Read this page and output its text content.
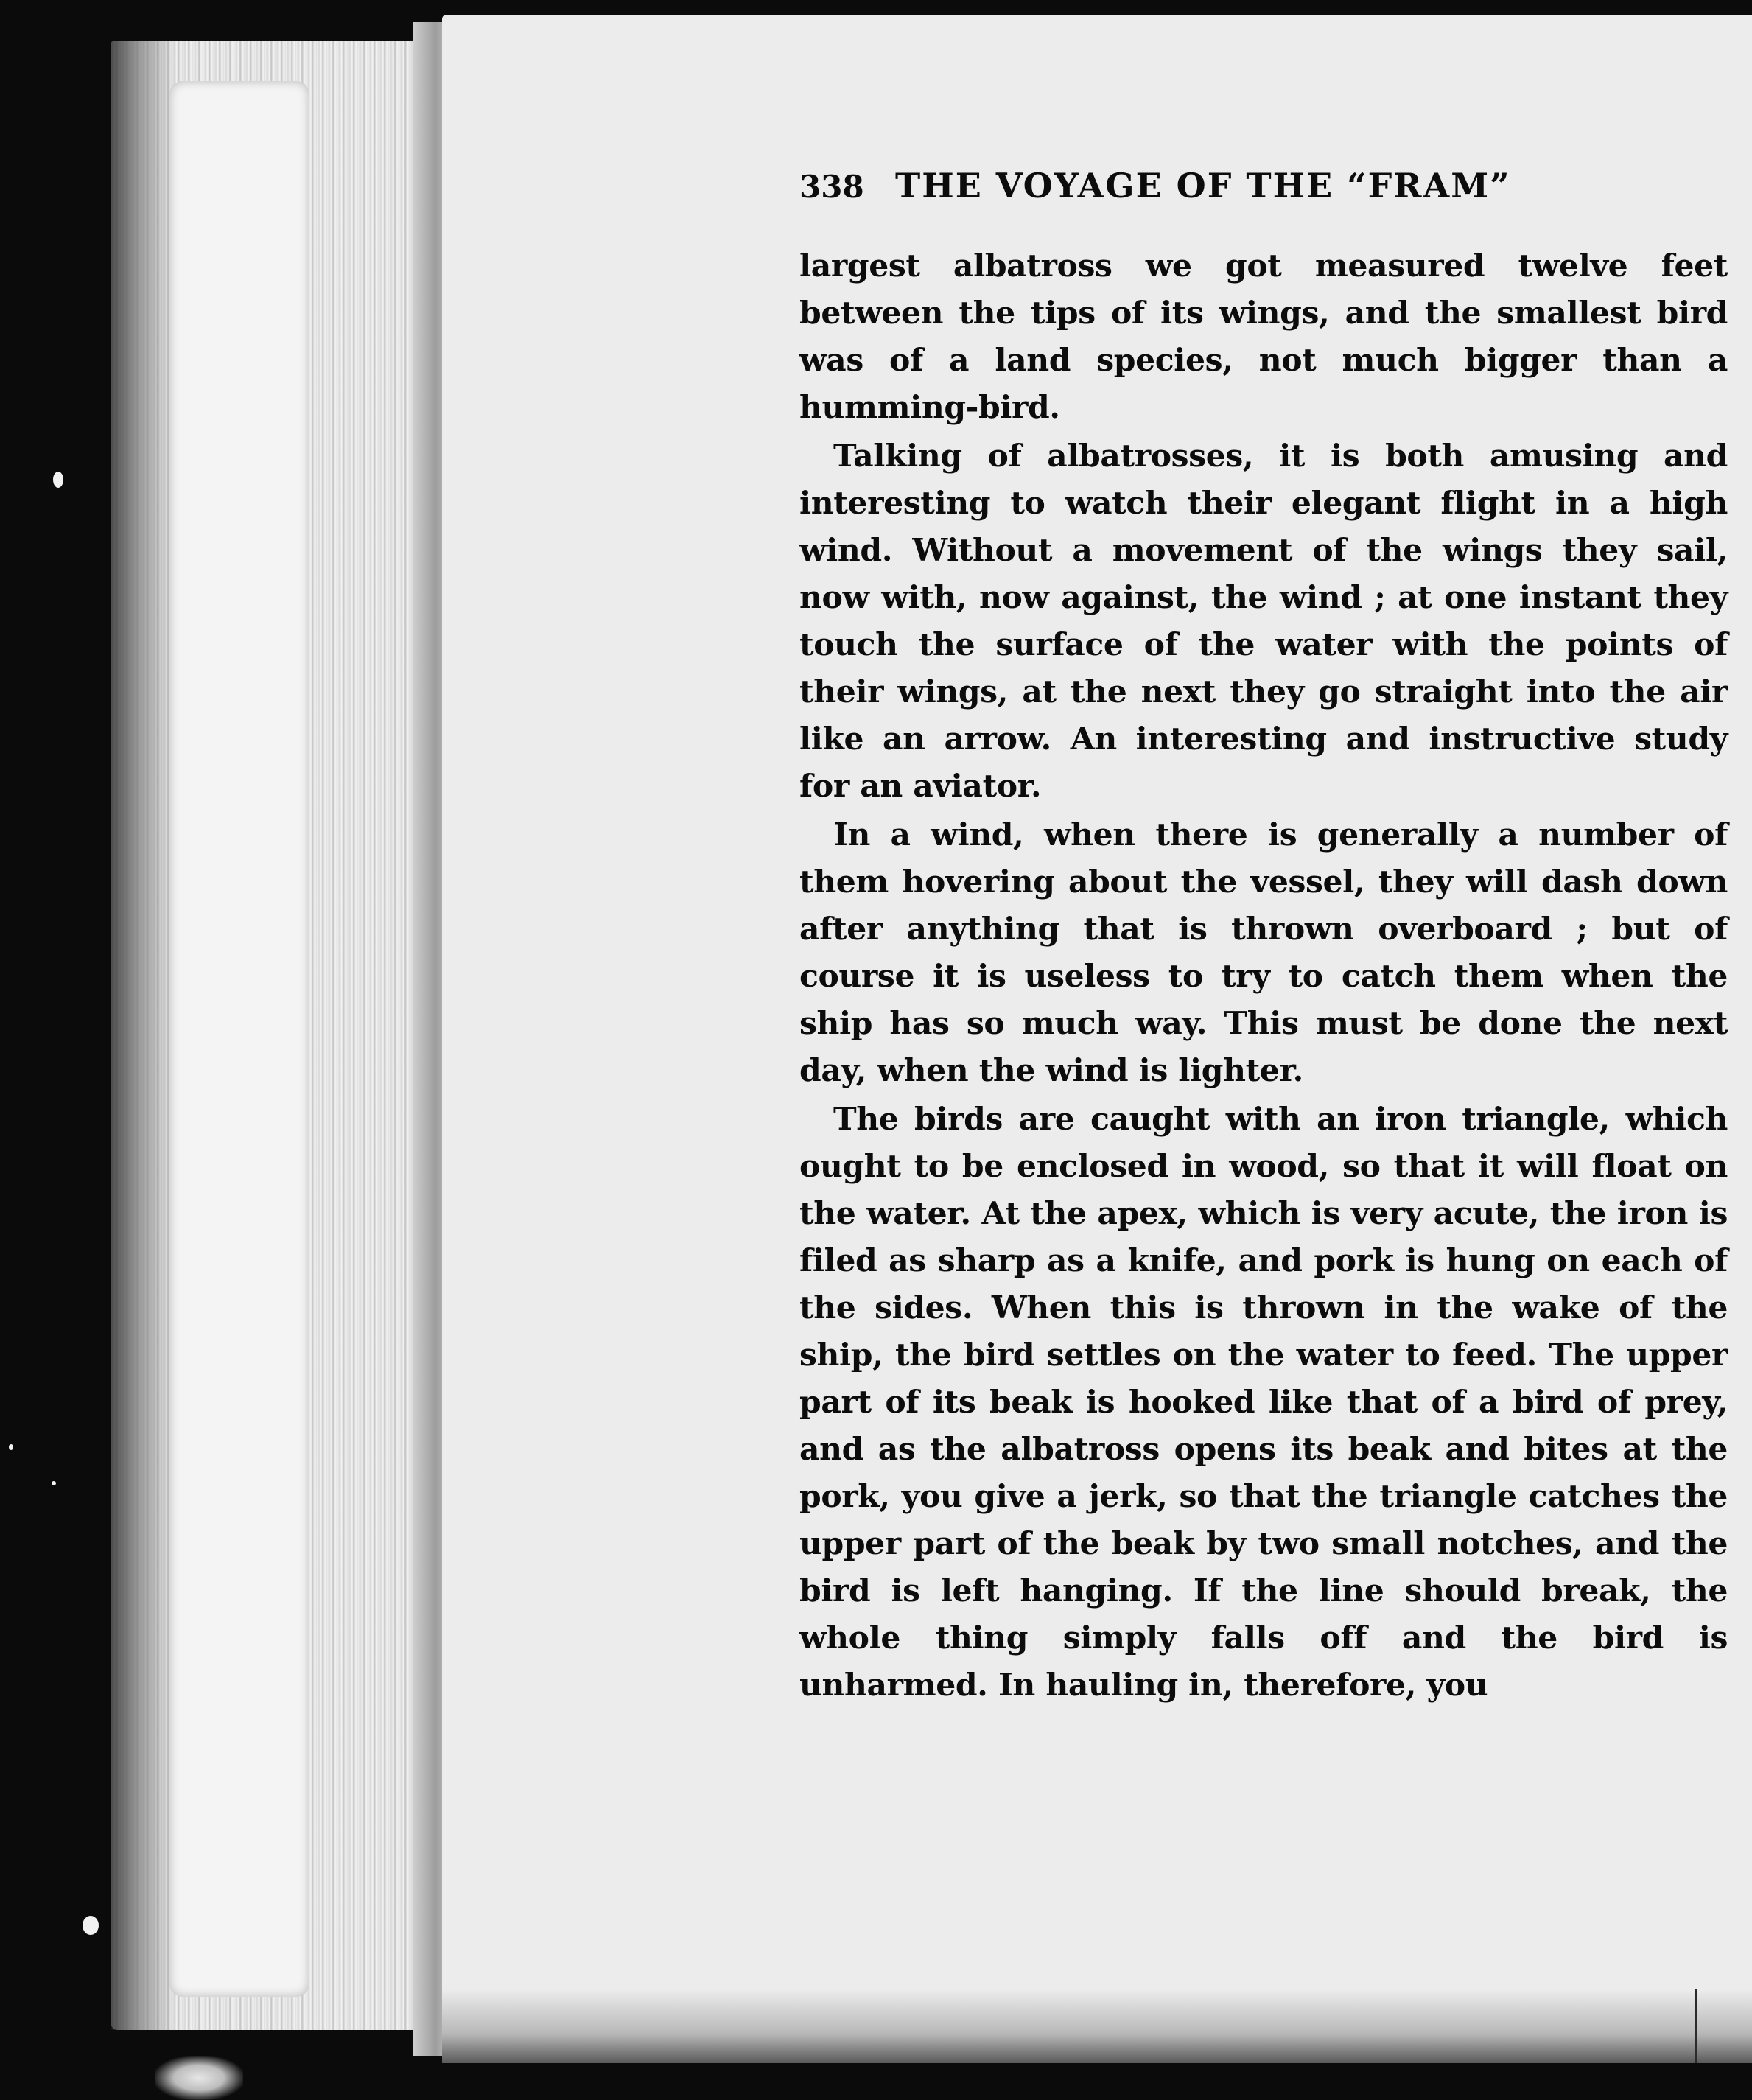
338 THE VOYAGE OF THE “FRAM”

largest albatross we got measured twelve feet between the tips of its wings, and the smallest bird was of a land species, not much bigger than a humming-bird.

Talking of albatrosses, it is both amusing and interesting to watch their elegant flight in a high wind. Without a movement of the wings they sail, now with, now against, the wind ; at one instant they touch the surface of the water with the points of their wings, at the next they go straight into the air like an arrow. An interesting and instructive study for an aviator.

In a wind, when there is generally a number of them hovering about the vessel, they will dash down after anything that is thrown overboard ; but of course it is useless to try to catch them when the ship has so much way. This must be done the next day, when the wind is lighter.

The birds are caught with an iron triangle, which ought to be enclosed in wood, so that it will float on the water. At the apex, which is very acute, the iron is filed as sharp as a knife, and pork is hung on each of the sides. When this is thrown in the wake of the ship, the bird settles on the water to feed. The upper part of its beak is hooked like that of a bird of prey, and as the albatross opens its beak and bites at the pork, you give a jerk, so that the triangle catches the upper part of the beak by two small notches, and the bird is left hanging. If the line should break, the whole thing simply falls off and the bird is unharmed. In hauling in, therefore, you
